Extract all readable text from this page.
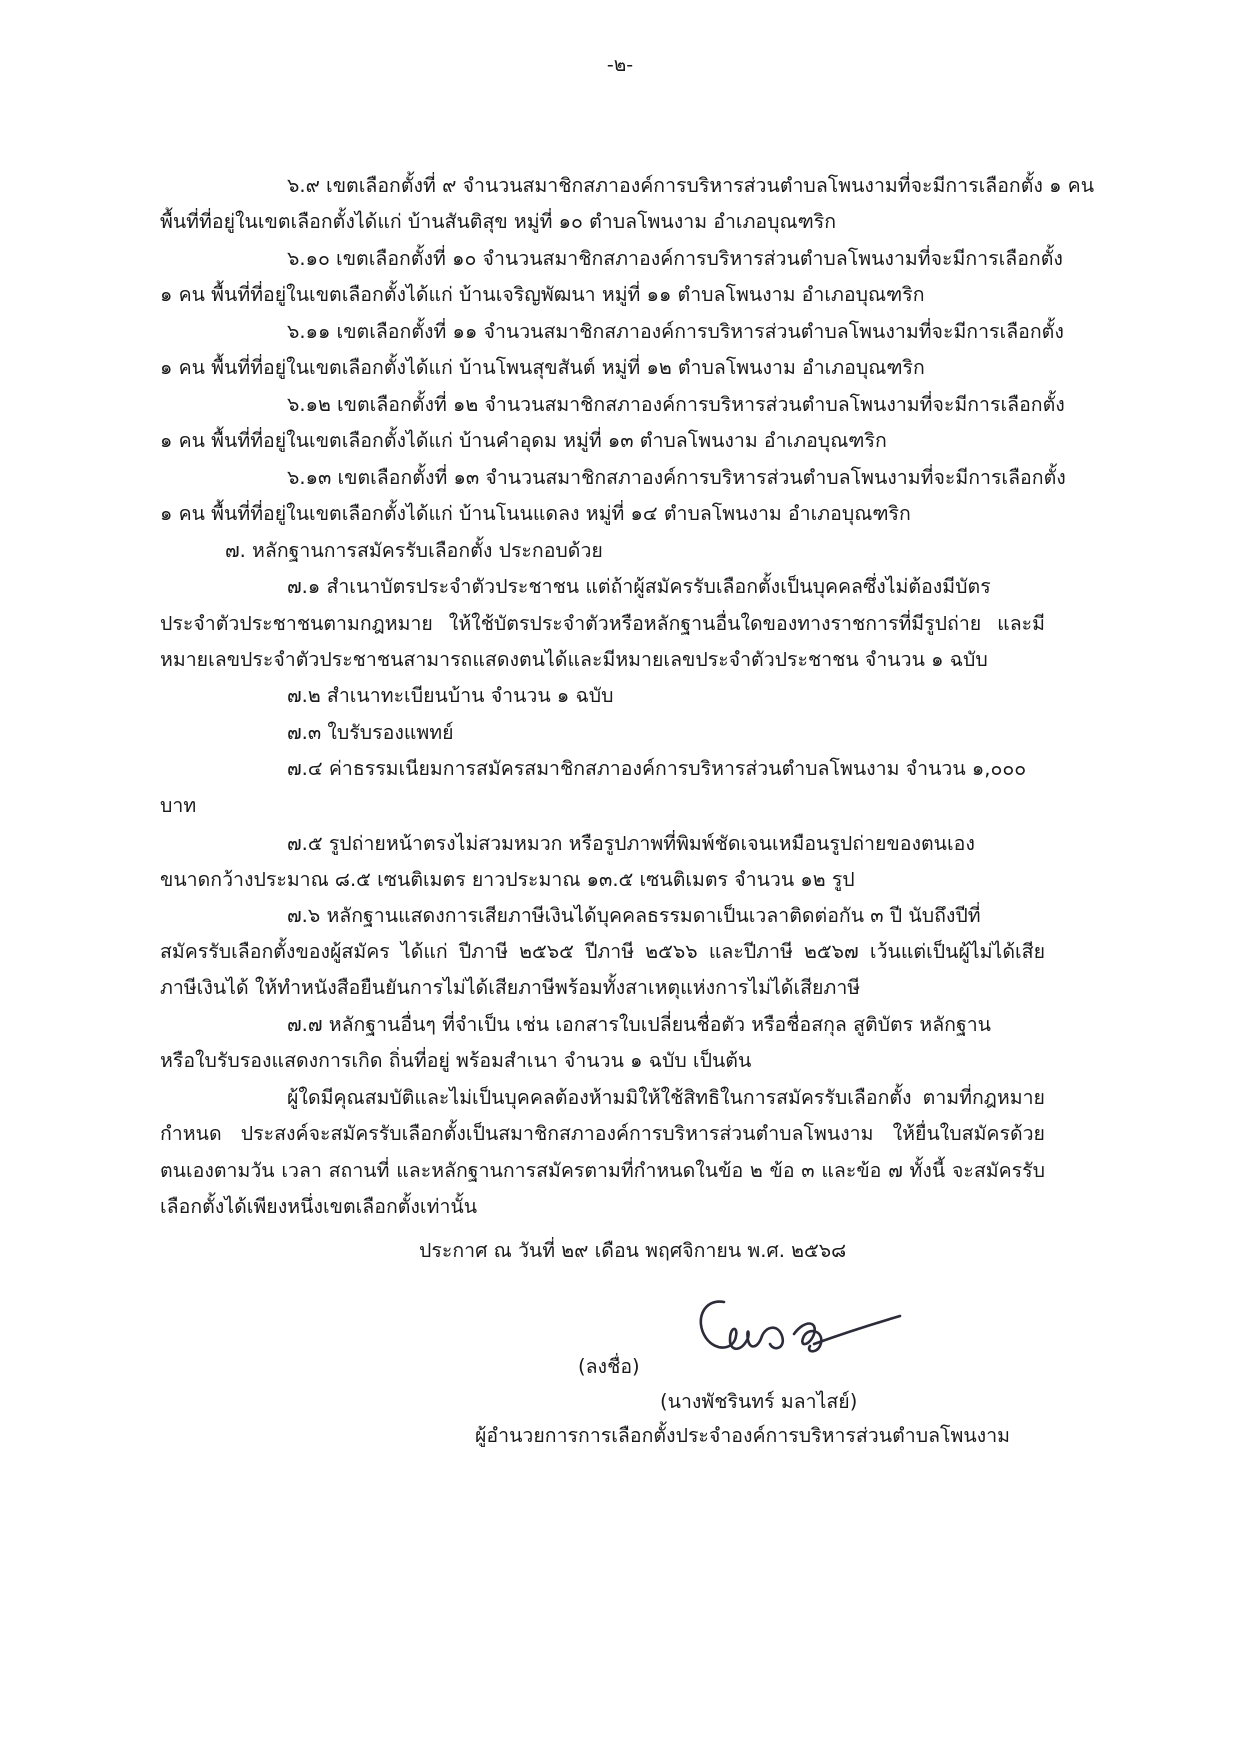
-๒-
๖.๙ เขตเลือกตั้งที่ ๙ จำนวนสมาชิกสภาองค์การบริหารส่วนตำบลโพนงามที่จะมีการเลือกตั้ง ๑ คน
พื้นที่ที่อยู่ในเขตเลือกตั้งได้แก่ บ้านสันติสุข หมู่ที่ ๑๐ ตำบลโพนงาม อำเภอบุณฑริก
๖.๑๐ เขตเลือกตั้งที่ ๑๐ จำนวนสมาชิกสภาองค์การบริหารส่วนตำบลโพนงามที่จะมีการเลือกตั้ง
๑ คน พื้นที่ที่อยู่ในเขตเลือกตั้งได้แก่ บ้านเจริญพัฒนา หมู่ที่ ๑๑ ตำบลโพนงาม อำเภอบุณฑริก
๖.๑๑ เขตเลือกตั้งที่ ๑๑ จำนวนสมาชิกสภาองค์การบริหารส่วนตำบลโพนงามที่จะมีการเลือกตั้ง
๑ คน พื้นที่ที่อยู่ในเขตเลือกตั้งได้แก่ บ้านโพนสุขสันต์ หมู่ที่ ๑๒ ตำบลโพนงาม อำเภอบุณฑริก
๖.๑๒ เขตเลือกตั้งที่ ๑๒ จำนวนสมาชิกสภาองค์การบริหารส่วนตำบลโพนงามที่จะมีการเลือกตั้ง
๑ คน พื้นที่ที่อยู่ในเขตเลือกตั้งได้แก่ บ้านคำอุดม หมู่ที่ ๑๓ ตำบลโพนงาม อำเภอบุณฑริก
๖.๑๓ เขตเลือกตั้งที่ ๑๓ จำนวนสมาชิกสภาองค์การบริหารส่วนตำบลโพนงามที่จะมีการเลือกตั้ง
๑ คน พื้นที่ที่อยู่ในเขตเลือกตั้งได้แก่ บ้านโนนแดลง หมู่ที่ ๑๔ ตำบลโพนงาม อำเภอบุณฑริก
๗. หลักฐานการสมัครรับเลือกตั้ง ประกอบด้วย
๗.๑ สำเนาบัตรประจำตัวประชาชน แต่ถ้าผู้สมัครรับเลือกตั้งเป็นบุคคลซึ่งไม่ต้องมีบัตร
ประจำตัวประชาชนตามกฎหมาย ให้ใช้บัตรประจำตัวหรือหลักฐานอื่นใดของทางราชการที่มีรูปถ่าย และมี
หมายเลขประจำตัวประชาชนสามารถแสดงตนได้และมีหมายเลขประจำตัวประชาชน จำนวน ๑ ฉบับ
๗.๒ สำเนาทะเบียนบ้าน จำนวน ๑ ฉบับ
๗.๓ ใบรับรองแพทย์
๗.๔ ค่าธรรมเนียมการสมัครสมาชิกสภาองค์การบริหารส่วนตำบลโพนงาม จำนวน ๑,๐๐๐
บาท
๗.๕ รูปถ่ายหน้าตรงไม่สวมหมวก หรือรูปภาพที่พิมพ์ชัดเจนเหมือนรูปถ่ายของตนเอง
ขนาดกว้างประมาณ ๘.๕ เซนติเมตร ยาวประมาณ ๑๓.๕ เซนติเมตร จำนวน ๑๒ รูป
๗.๖ หลักฐานแสดงการเสียภาษีเงินได้บุคคลธรรมดาเป็นเวลาติดต่อกัน ๓ ปี นับถึงปีที่
สมัครรับเลือกตั้งของผู้สมัคร ได้แก่ ปีภาษี ๒๕๖๕ ปีภาษี ๒๕๖๖ และปีภาษี ๒๕๖๗ เว้นแต่เป็นผู้ไม่ได้เสีย
ภาษีเงินได้ ให้ทำหนังสือยืนยันการไม่ได้เสียภาษีพร้อมทั้งสาเหตุแห่งการไม่ได้เสียภาษี
๗.๗ หลักฐานอื่นๆ ที่จำเป็น เช่น เอกสารใบเปลี่ยนชื่อตัว หรือชื่อสกุล สูติบัตร หลักฐาน
หรือใบรับรองแสดงการเกิด ถิ่นที่อยู่ พร้อมสำเนา จำนวน ๑ ฉบับ เป็นต้น
ผู้ใดมีคุณสมบัติและไม่เป็นบุคคลต้องห้ามมิให้ใช้สิทธิในการสมัครรับเลือกตั้ง ตามที่กฎหมาย
กำหนด ประสงค์จะสมัครรับเลือกตั้งเป็นสมาชิกสภาองค์การบริหารส่วนตำบลโพนงาม ให้ยื่นใบสมัครด้วย
ตนเองตามวัน เวลา สถานที่ และหลักฐานการสมัครตามที่กำหนดในข้อ ๒ ข้อ ๓ และข้อ ๗ ทั้งนี้ จะสมัครรับ
เลือกตั้งได้เพียงหนึ่งเขตเลือกตั้งเท่านั้น
ประกาศ ณ วันที่ ๒๙ เดือน พฤศจิกายน พ.ศ. ๒๕๖๘
(ลงชื่อ)
(นางพัชรินทร์ มลาไสย์)
ผู้อำนวยการการเลือกตั้งประจำองค์การบริหารส่วนตำบลโพนงาม
